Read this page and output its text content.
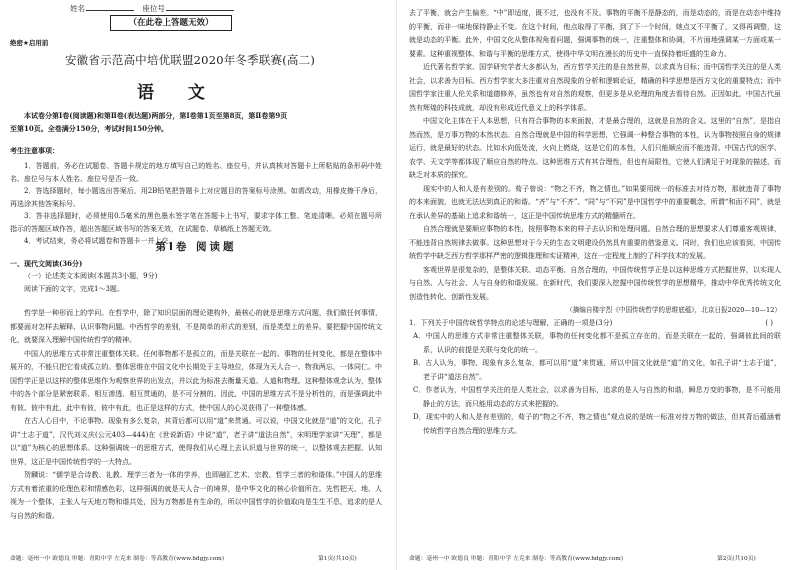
姓名	座位号
（在此卷上答题无效）
绝密★启用前
安徽省示范高中培优联盟2020年冬季联赛(高二)
语 文

本试卷分第Ⅰ卷(阅读题)和第Ⅱ卷(表达题)两部分，第Ⅰ卷第1页至第8页，第Ⅱ卷第9页

至第10页。全卷满分150分，考试时间150分钟。

考生注意事项：

1．答题前，务必在试题卷、答题卡规定的地方填写自己的姓名、座位号，并认真核对答题卡上所粘贴的条形码中姓名、座位号与本人姓名、座位号是否一致。

2．答选择题时，每小题选出答案后，用2B铅笔把答题卡上对应题目的答案标号涂黑。如需改动，用橡皮擦干净后，再选涂其他答案标号。

3．答非选择题时，必须使用0.5毫米的黑色墨水签字笔在答题卡上书写，要求字体工整、笔迹清晰。必须在题号所指示的答题区域作答，超出答题区域书写的答案无效，在试题卷、草稿纸上答题无效。

4．考试结束，务必将试题卷和答题卡一并上交。

第Ⅰ卷 阅读题
一、现代文阅读(36分)
（一）论述类文本阅读(本题共3小题，9分)
阅读下面的文字，完成1～3题。

哲学是一种形而上的学问。在哲学中，除了知识层面的理论建构外，最核心的就是思维方式问题，我们做任何事情，都要面对怎样去解释、认识事物问题。中西哲学的差别，不是简单的形式的差别，而是类型上的差异。要把握中国传统文化，就要深入理解中国传统哲学的精神。

中国人的思维方式非常注重整体关联。任何事物都不是孤立的，而是关联在一起的。事物的任何变化，都是在整体中展开的，不能只把它看成孤立的。整体思维在中国文化中长期处于主导地位，体现为天人合一、物我两忘，一体同仁。中国哲学正是以这样的整体思维作为观察世界的出发点，并以此为标准去衡量天道、人道和物理。这种整体观念认为，整体中的各个部分是紧密联系、相互渗透、相互贯通的，是不可分割的。因此，中国的思维方式不是分析性的，而是强调此中有彼、彼中有此，此中有彼，彼中有此，也正是这样的方式，使中国人的心灵获得了一种整体感。

在古人心目中，不论事物、现象有多么复杂，其背后都可以用“道”来贯通。可以说，中国文化就是“道”的文化，孔子讲“士志于道”，汉代刘义庆(公元403—444)在《世说新语》中说“道”，老子讲“道法自然”，宋明理学家讲“天理”，都是以“道”为核心的思想体系。这种强调统一的思维方式，使得我们从心理上去认识道与世界的统一，以整体观去把握、认知世界，这正是中国传统哲学的一大特点。

贺麟说：“儒学是合诗教、礼教、理学三者为一体的学养，也即融汇艺术、宗教、哲学三者的和谐体。”中国人的思维方式有着浓重的伦理色彩和情感色彩，这样强调的就是天人合一的境界，是中华文化的核心价值所在。先哲把天、地、人视为一个整体，主张人与天地万物和谐共处，因为万物都是有生命的，所以中国哲学的价值取向是生生不息，追求的是人与自然的和谐。

命题：亳州一中 欧德良 审题：青阳中学 左克来 制卷：等高教育(www.hdgjy.com)	第1页(共10页)

去了平衡，就会产生偏差。“中”即适度，既不过，也没有不及。事物的平衡不是静态的，而是动态的，而是在动态中维持的平衡，而非一味地保持静止不变。在这个时间，他点取得了平衡，到了下一个时间，她点又不平衡了，又得再调整，这就是动态的平衡。此外，中国文化从整体视角看问题，强调事物的统一，注重整体和协调，不片面地强调某一方面或某一要素。这种重视整体、和谐与平衡的思维方式，使得中华文明在漫长的历史中一直保持着旺盛的生命力。

近代著名哲学家、国学研究学者大多都认为，西方哲学关注的是自然世界，以求真为目标；而中国哲学关注的是人类社会，以求善为目标。西方哲学家大多注重对自然现象的分析和逻辑论证，精确的科学思想是西方文化的重要特点；而中国哲学家注重人伦关系和道德修养，虽然也有对自然的观察，但更多是从伦理的角度去看待自然。正因如此，中国古代虽然有辉煌的科技成就，却没有形成近代意义上的科学体系。

中国文化主体在于人本思想，只有符合事物的本来面貌，才是最合理的，这就是自然的含义。这里的“自然”，是指自然而然，是万事万物的本然状态。自然合理就是中国的科学思想，它强调一种整合事物的本性，认为事物按照自身的规律运行，就是最好的状态。比如水向低处流，火向上燃烧，这是它们的本性，人们只能顺应而不能违背。中国古代的医学、农学、天文学等都体现了顺应自然的特点。这种思维方式有其合理性，但也有局限性，它使人们满足于对现象的描述，而缺乏对本质的探究。

现实中的人和人是有差别的。荀子曾说：“物之不齐，物之情也。”如果要用统一的标准去对待万物，那就违背了事物的本来面貌，也就无法达到真正的和谐。“齐”与“不齐”、“同”与“不同”是中国哲学中的重要概念，所谓“和而不同”，就是在承认差异的基础上追求和谐统一，这正是中国传统思维方式的精髓所在。

自然合理就是要顺应事物的本性，按照事物本来的样子去认识和处理问题。自然合理的思想要求人们尊重客观规律，不能违背自然规律去做事。这种思想对于今天的生态文明建设仍然具有重要的借鉴意义。同时，我们也应该看到，中国传统哲学中缺乏西方哲学那样严密的逻辑推理和实证精神，这在一定程度上制约了科学技术的发展。

客观世界是很复杂的，是整体关联、动态平衡、自然合理的，中国传统哲学正是以这种思维方式把握世界，以实现人与自然、人与社会、人与自身的和谐发展。在新时代，我们要深入挖掘中国传统哲学的思想精华，推动中华优秀传统文化创造性转化、创新性发展。

（摘编自楼宇烈《中国传统哲学的思维底蕴》，北京日报2020—10—12）

1．下列关于中国传统哲学特点的论述与理解，正确的一项是(3分)	( )

A．中国人的思维方式非常注重整体关联，事物的任何变化都不是孤立存在的，而是关联在一起的，强调彼此间的联系，认识的前提是关联与变化的统一。

B．古人认为，事物、现象有多么复杂，都可以用“道”来贯通，所以中国文化就是“道”的文化，如孔子讲“士志于道”，老子讲“道法自然”。

C．作者认为，中国哲学关注的是人类社会，以求善为目标，追求的是人与自然的和谐，瞬息万变的事物，是不可能用静止的方法，而只能用动态的方式来把握的。

D．现实中的人和人是有差别的，荀子的“物之不齐，物之情也”观点说的是统一标准对待万物的做法，但其背后蕴涵着传统哲学自然合理的思维方式。

命题：亳州一中 欧德良 审题：青阳中学 左克来 制卷：等高教育(www.hdgjy.com)	第2页(共10页)
